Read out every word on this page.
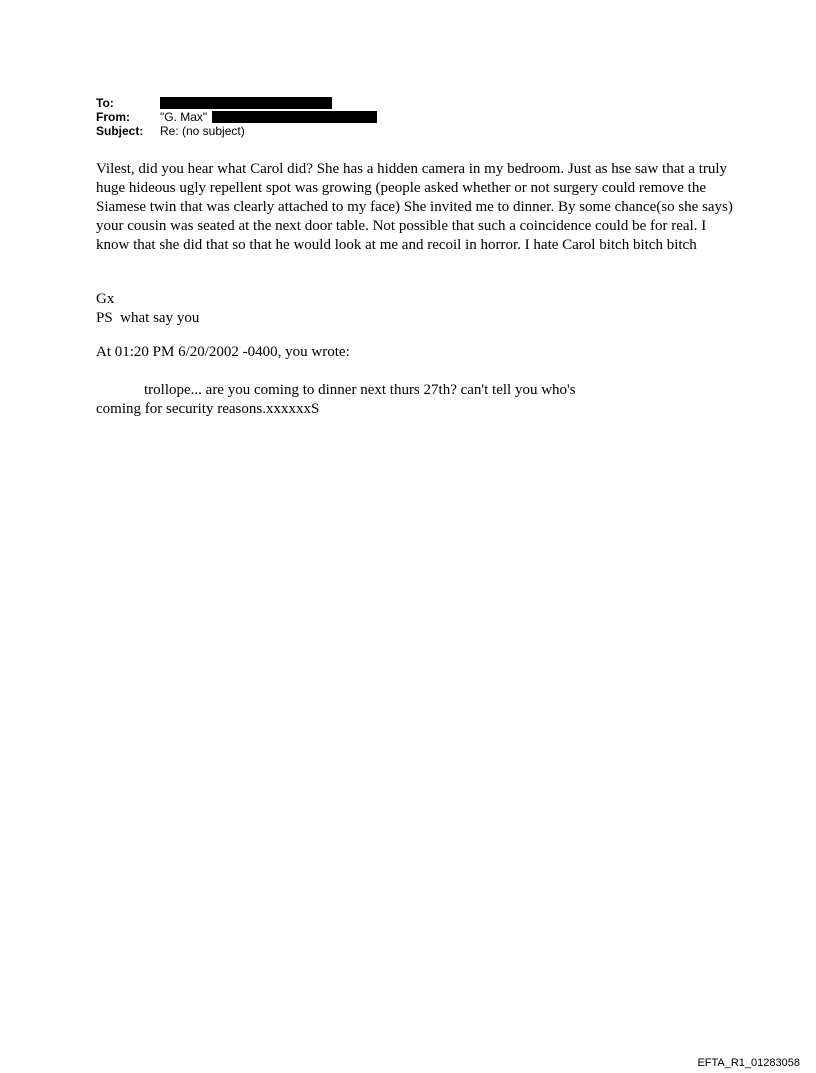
To:
From:	"G. Max"
Subject:	Re: (no subject)
Vilest, did you hear what Carol did? She has a hidden camera in my bedroom. Just as hse saw that a truly huge hideous ugly repellent spot was growing (people asked whether or not surgery could remove the Siamese twin that was clearly attached to my face) She invited me to dinner. By some chance(so she says) your cousin was seated at the next door table. Not possible that such a coincidence could be for real. I know that she did that so that he would look at me and recoil in horror. I hate Carol bitch bitch bitch
Gx
PS  what say you
At 01:20 PM 6/20/2002 -0400, you wrote:
trollope... are you coming to dinner next thurs 27th? can't tell you who's
coming for security reasons.xxxxxxS
EFTA_R1_01283058
